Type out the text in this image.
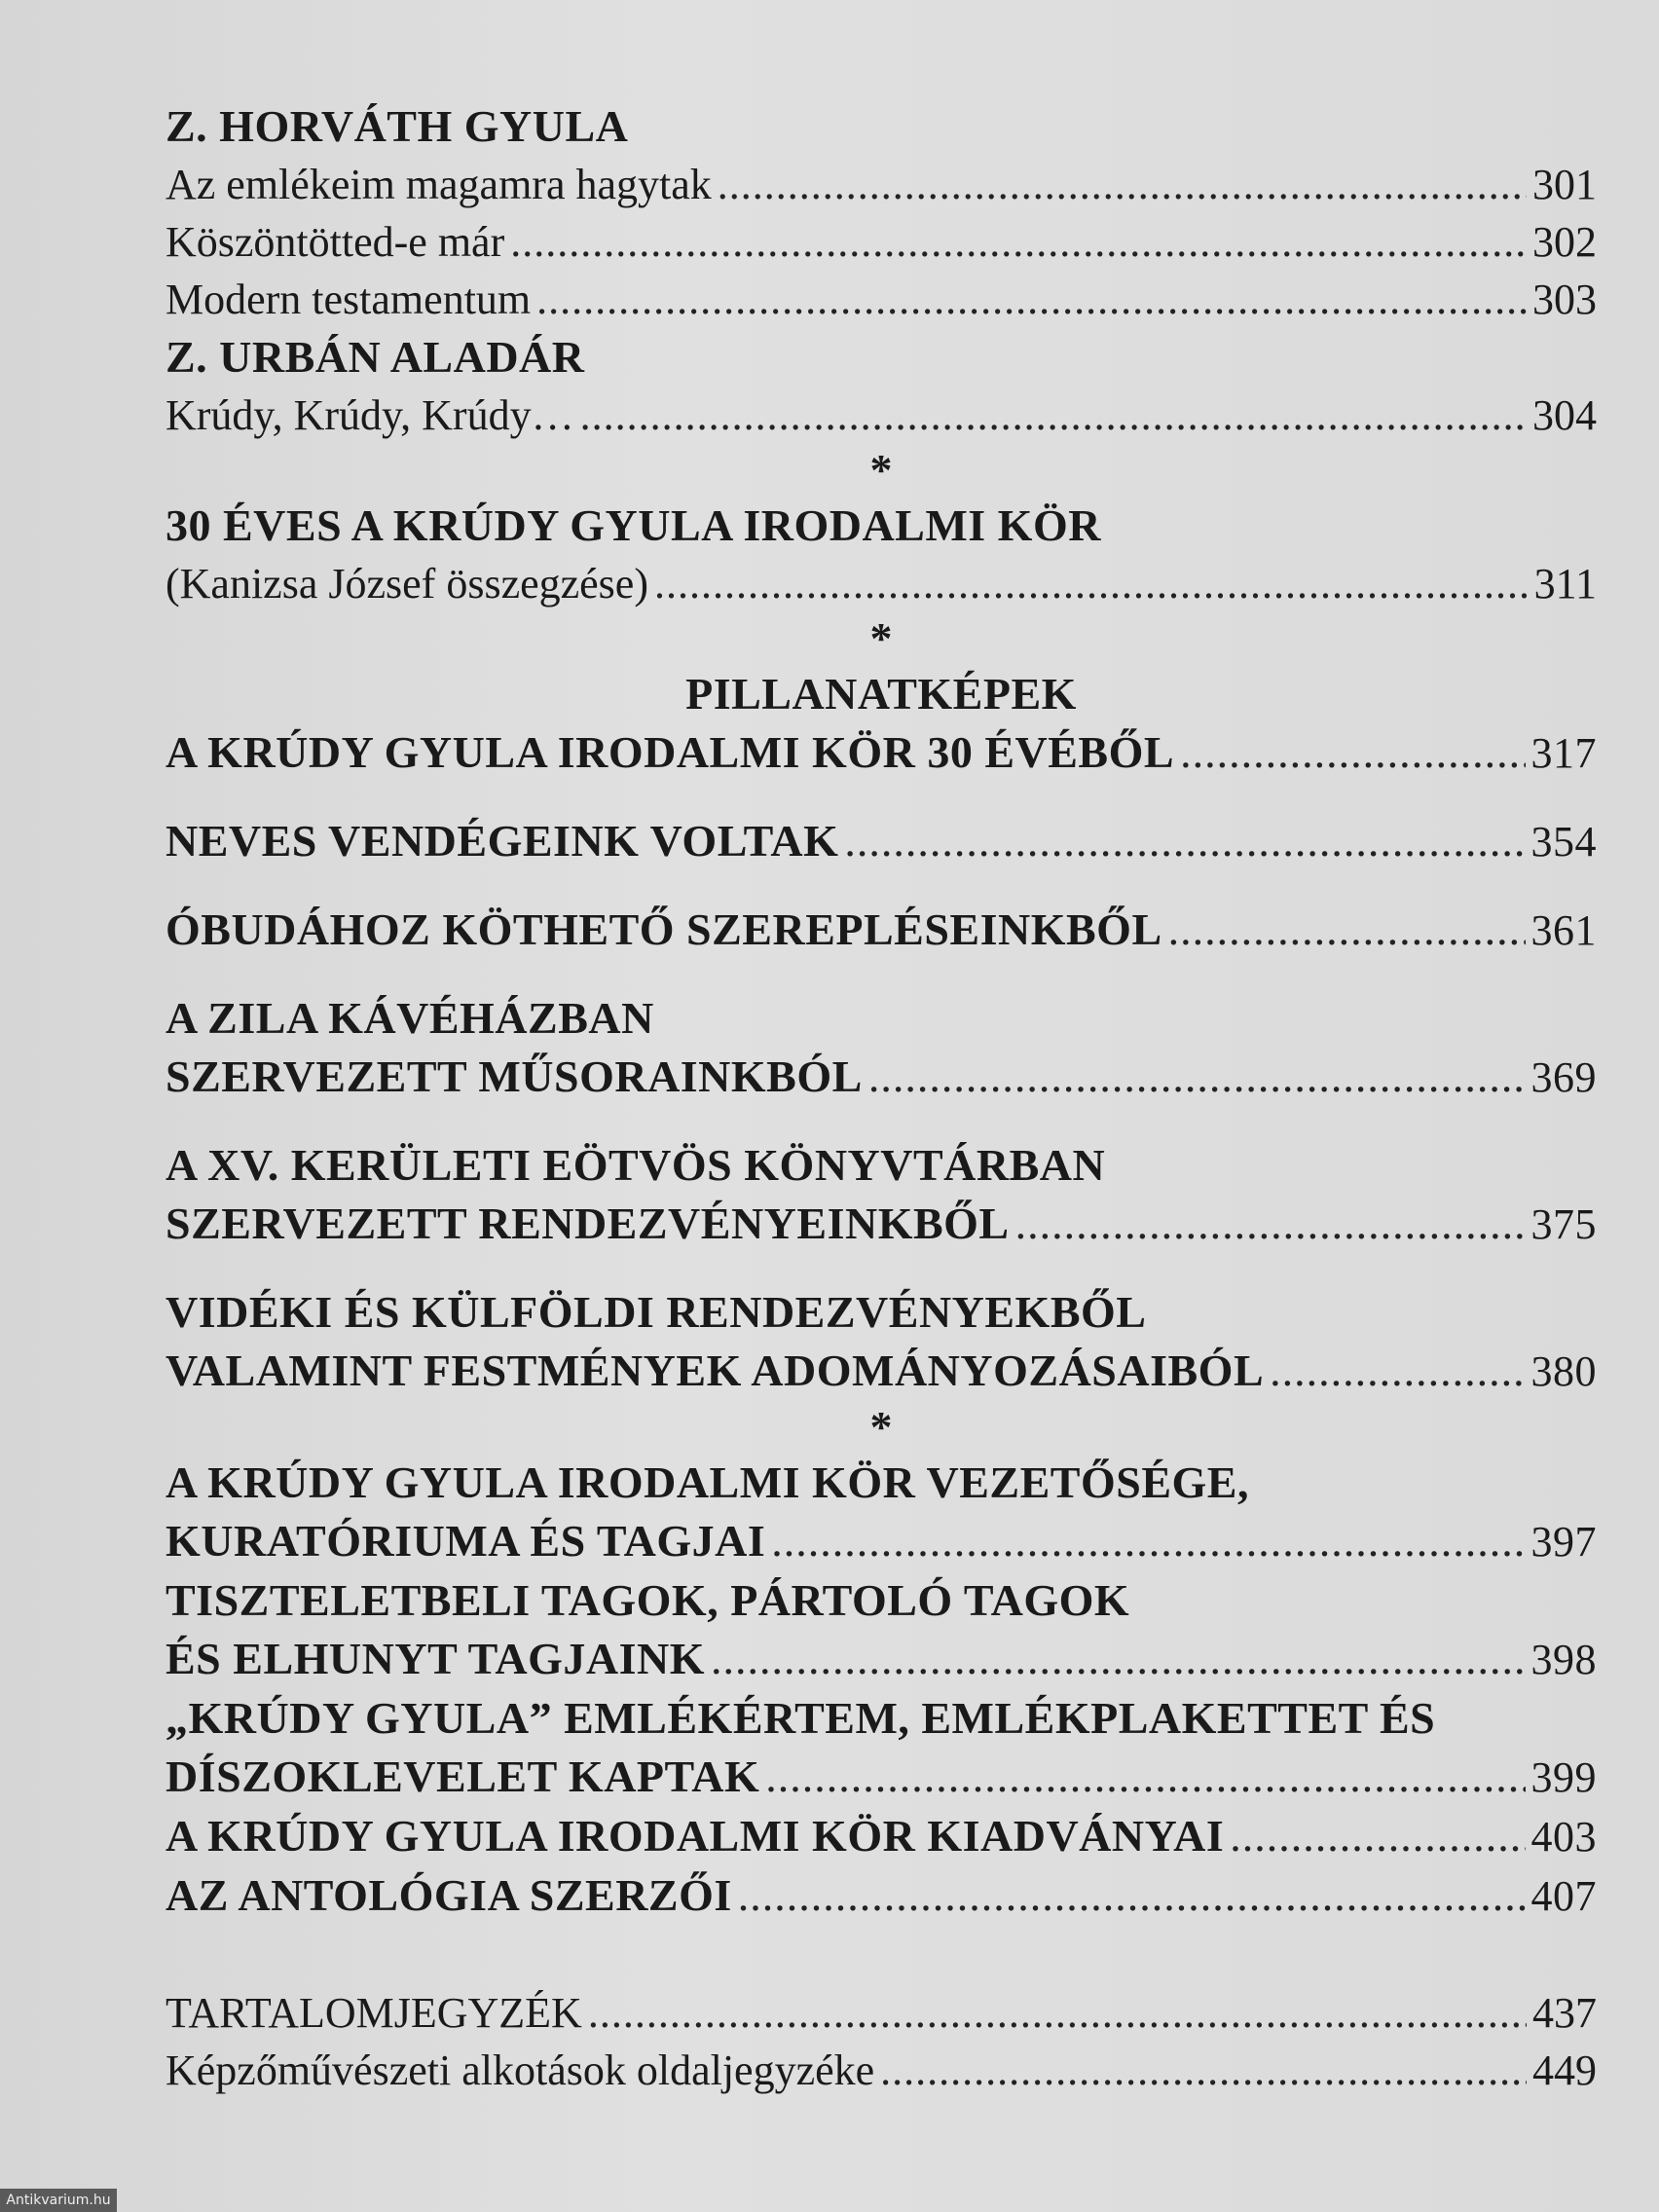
Z. HORVÁTH GYULA
Az emlékeim magamra hagytak .....	301
Köszöntötted-e már .....	302
Modern testamentum .....	303
Z. URBÁN ALADÁR
Krúdy, Krúdy, Krúdy… .....	304
*
30 ÉVES A KRÚDY GYULA IRODALMI KÖR
(Kanizsa József összegzése) .....	311
*
PILLANATKÉPEK
A KRÚDY GYULA IRODALMI KÖR 30 ÉVÉBŐL .....	317
NEVES VENDÉGEINK VOLTAK .....	354
ÓBUDÁHOZ KÖTHETŐ SZEREPLÉSEINKBŐL .....	361
A ZILA KÁVÉHÁZBAN
SZERVEZETT MŰSORAINKBÓL .....	369
A XV. KERÜLETI EÖTVÖS KÖNYVTÁRBAN
SZERVEZETT RENDEZVÉNYEINKBŐL .....	375
VIDÉKI ÉS KÜLFÖLDI RENDEZVÉNYEKBŐL
VALAMINT FESTMÉNYEK ADOMÁNYOZÁSAIBÓL .....	380
*
A KRÚDY GYULA IRODALMI KÖR VEZETŐSÉGE,
KURATÓRIUMA ÉS TAGJAI .....	397
TISZTELETBELI TAGOK, PÁRTOLÓ TAGOK
ÉS ELHUNYT TAGJAINK .....	398
„KRÚDY GYULA” EMLÉKÉRTEM, EMLÉKPLAKETTET ÉS
DÍSZOKLEVELET KAPTAK .....	399
A KRÚDY GYULA IRODALMI KÖR KIADVÁNYAI .....	403
AZ ANTOLÓGIA SZERZŐI .....	407
TARTALOMJEGYZÉK .....	437
Képzőművészeti alkotások oldaljegyzéke .....	449
Antikvarium.hu
